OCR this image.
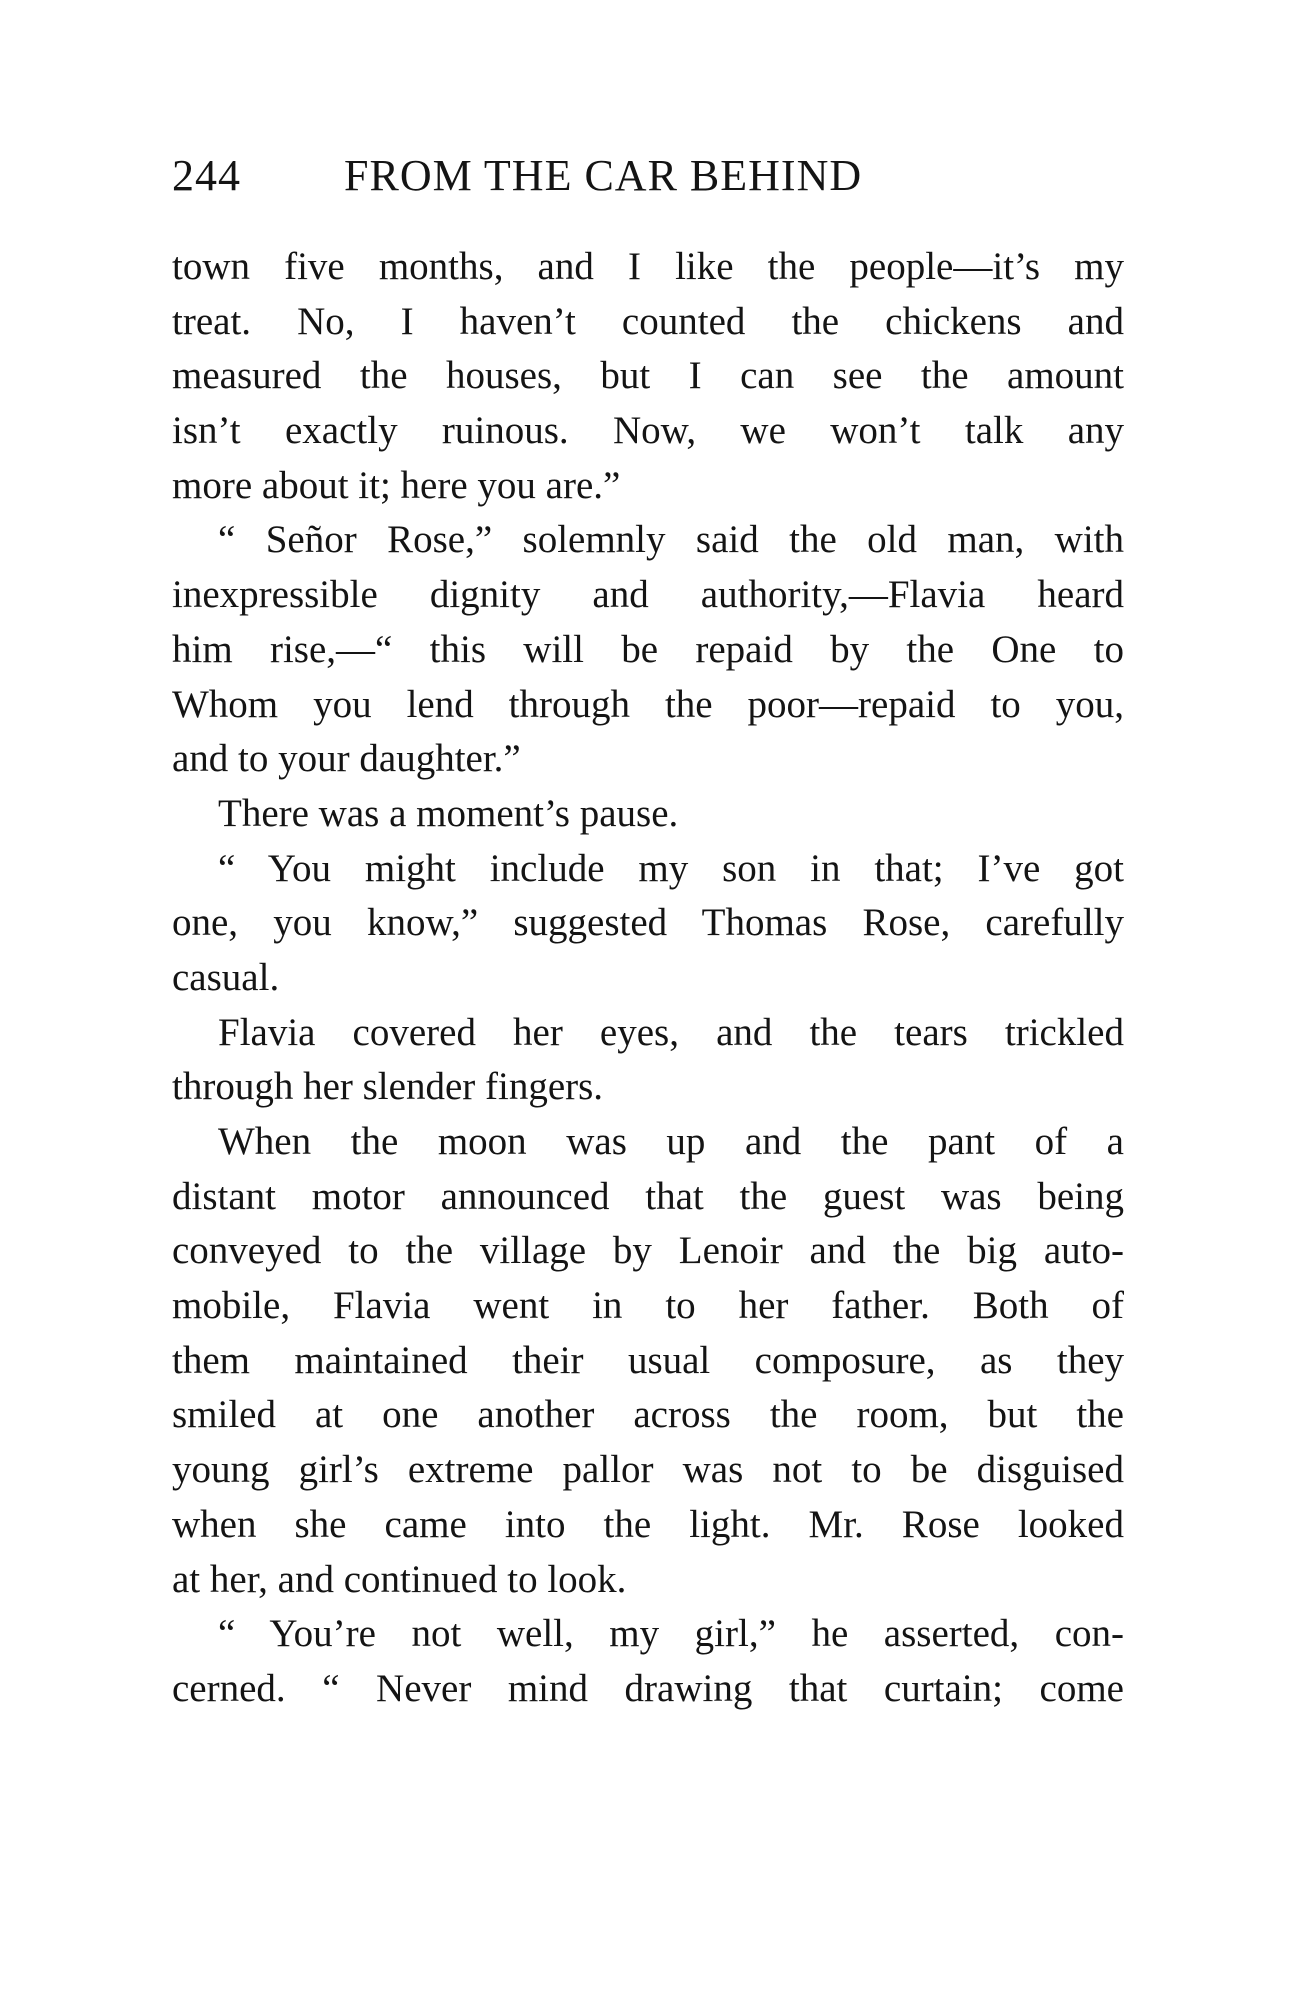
244 FROM THE CAR BEHIND
town five months, and I like the people—it’s my
treat. No, I haven’t counted the chickens and
measured the houses, but I can see the amount
isn’t exactly ruinous. Now, we won’t talk any
more about it; here you are.”
“ Señor Rose,” solemnly said the old man, with
inexpressible dignity and authority,—Flavia heard
him rise,—“ this will be repaid by the One to
Whom you lend through the poor—repaid to you,
and to your daughter.”
There was a moment’s pause.
“ You might include my son in that; I’ve got
one, you know,” suggested Thomas Rose, carefully
casual.
Flavia covered her eyes, and the tears trickled
through her slender fingers.
When the moon was up and the pant of a
distant motor announced that the guest was being
conveyed to the village by Lenoir and the big auto-
mobile, Flavia went in to her father. Both of
them maintained their usual composure, as they
smiled at one another across the room, but the
young girl’s extreme pallor was not to be disguised
when she came into the light. Mr. Rose looked
at her, and continued to look.
“ You’re not well, my girl,” he asserted, con-
cerned. “ Never mind drawing that curtain; come
